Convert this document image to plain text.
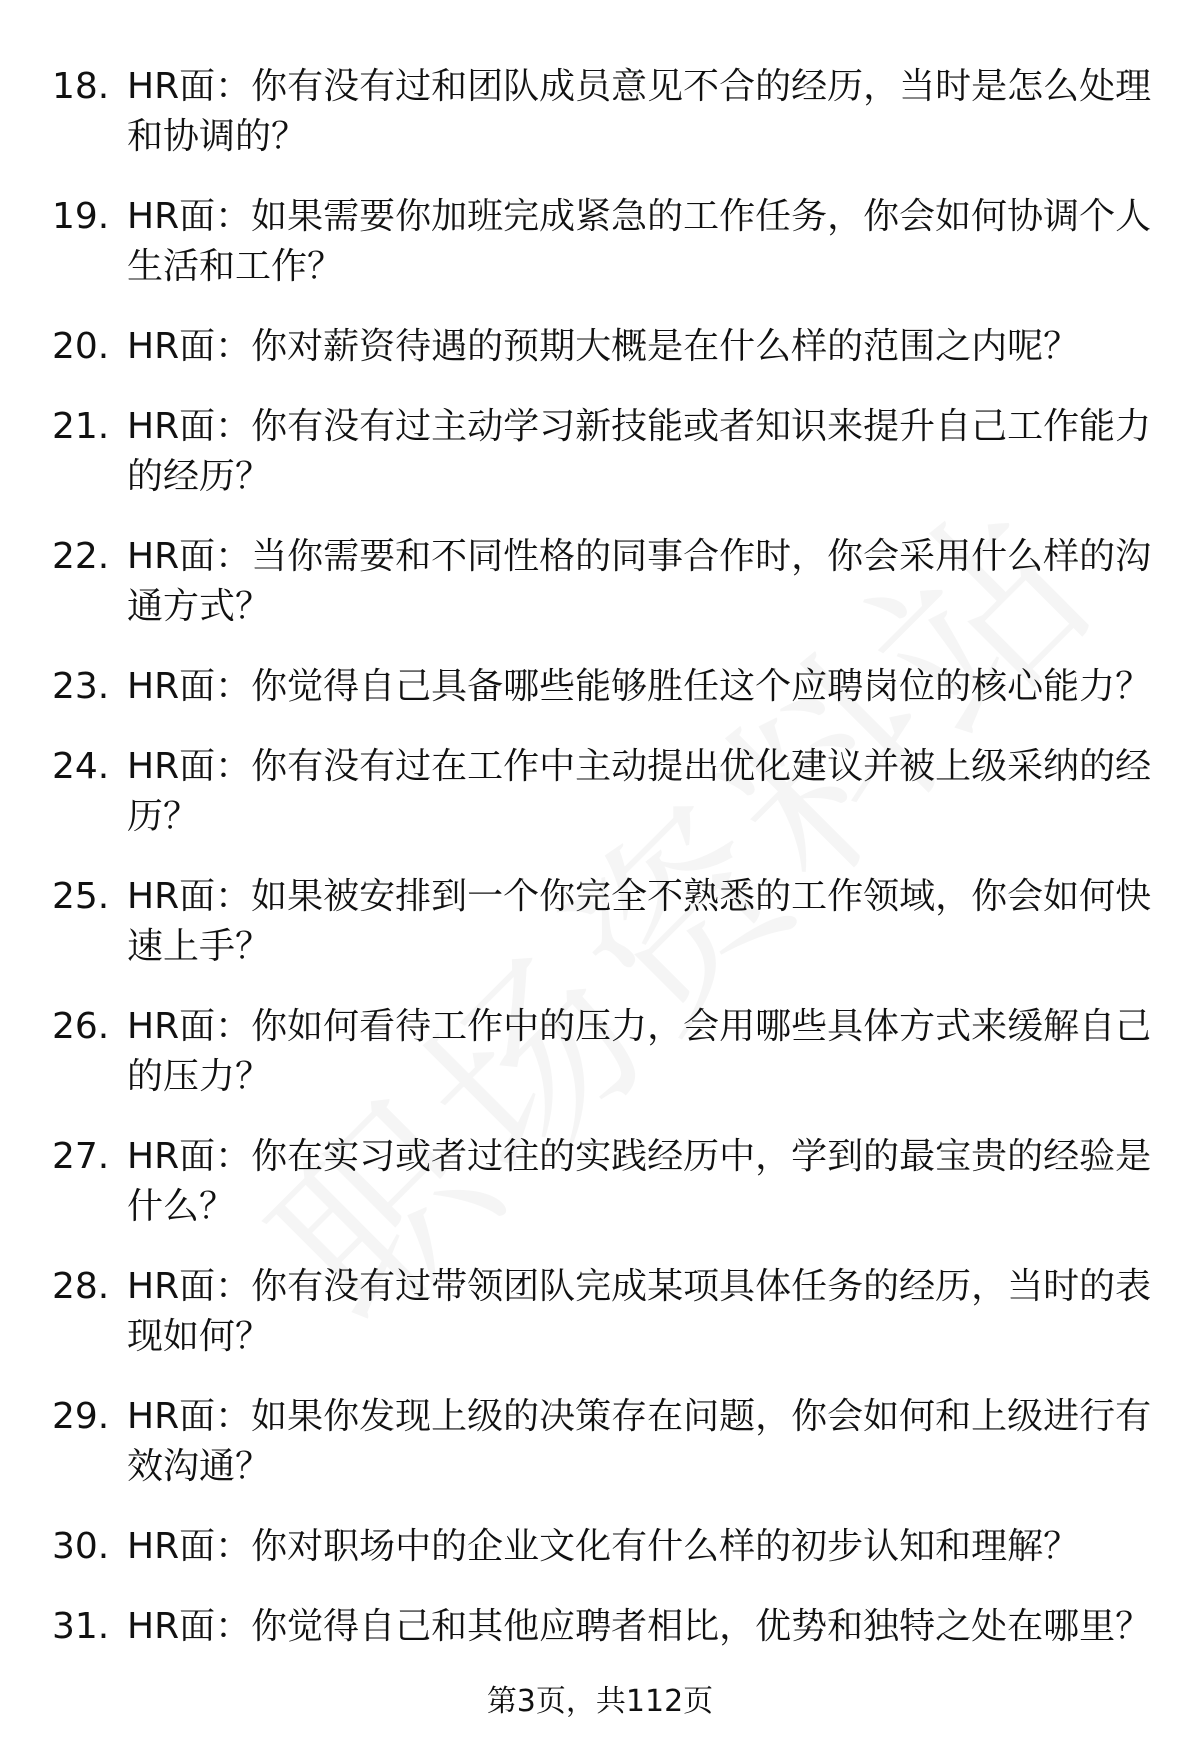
18. HR面：你有没有过和团队成员意见不合的经历，当时是怎么处理和协调的？
19. HR面：如果需要你加班完成紧急的工作任务，你会如何协调个人生活和工作？
20. HR面：你对薪资待遇的预期大概是在什么样的范围之内呢？
21. HR面：你有没有过主动学习新技能或者知识来提升自己工作能力的经历？
22. HR面：当你需要和不同性格的同事合作时，你会采用什么样的沟通方式？
23. HR面：你觉得自己具备哪些能够胜任这个应聘岗位的核心能力？
24. HR面：你有没有过在工作中主动提出优化建议并被上级采纳的经历？
25. HR面：如果被安排到一个你完全不熟悉的工作领域，你会如何快速上手？
26. HR面：你如何看待工作中的压力，会用哪些具体方式来缓解自己的压力？
27. HR面：你在实习或者过往的实践经历中，学到的最宝贵的经验是什么？
28. HR面：你有没有过带领团队完成某项具体任务的经历，当时的表现如何？
29. HR面：如果你发现上级的决策存在问题，你会如何和上级进行有效沟通？
30. HR面：你对职场中的企业文化有什么样的初步认知和理解？
31. HR面：你觉得自己和其他应聘者相比，优势和独特之处在哪里？
第3页，共112页
